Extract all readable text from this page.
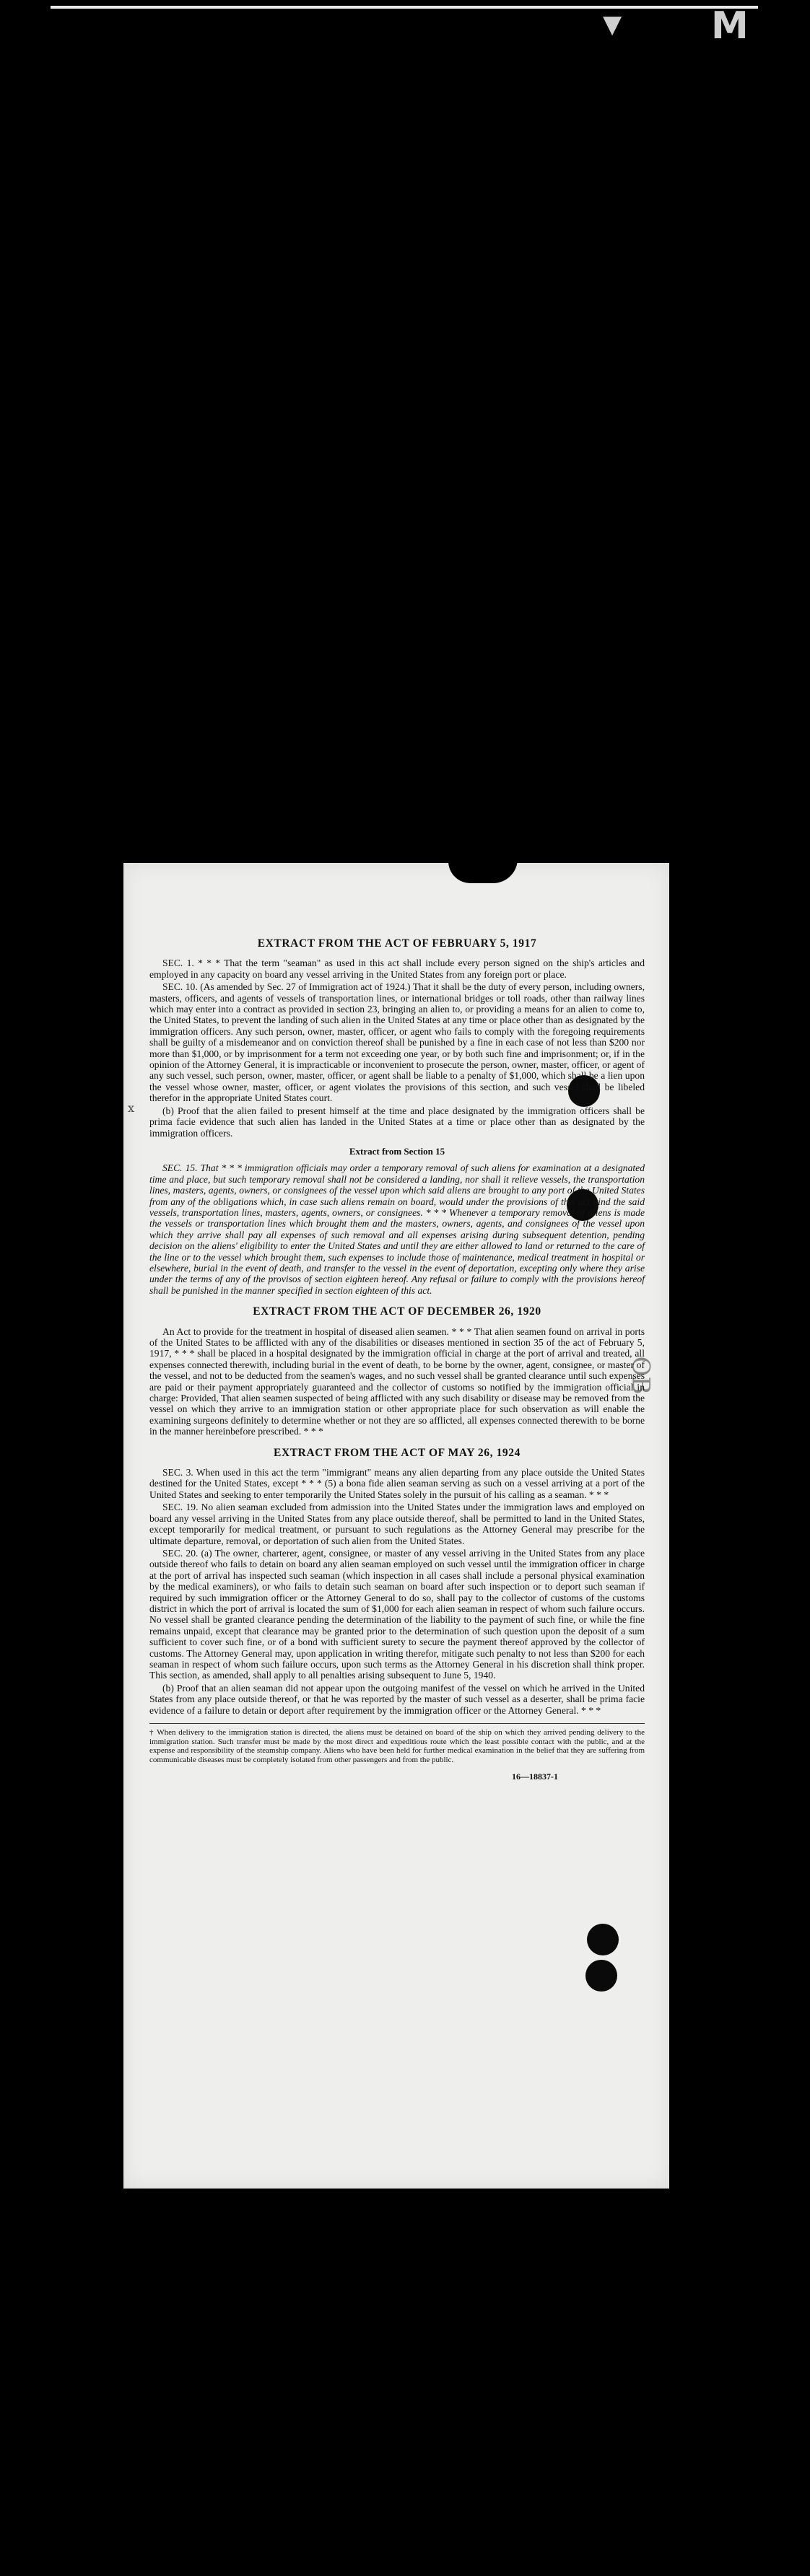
M
▼
x
OB
EXTRACT FROM THE ACT OF FEBRUARY 5, 1917

SEC. 1. * * * That the term "seaman" as used in this act shall include every person signed on the ship's articles and employed in any capacity on board any vessel arriving in the United States from any foreign port or place.

SEC. 10. (As amended by Sec. 27 of Immigration act of 1924.) That it shall be the duty of every person, including owners, masters, officers, and agents of vessels of transportation lines, or international bridges or toll roads, other than railway lines which may enter into a contract as provided in section 23, bringing an alien to, or providing a means for an alien to come to, the United States, to prevent the landing of such alien in the United States at any time or place other than as designated by the immigration officers. Any such person, owner, master, officer, or agent who fails to comply with the foregoing requirements shall be guilty of a misdemeanor and on conviction thereof shall be punished by a fine in each case of not less than $200 nor more than $1,000, or by imprisonment for a term not exceeding one year, or by both such fine and imprisonment; or, if in the opinion of the Attorney General, it is impracticable or inconvenient to prosecute the person, owner, master, officer, or agent of any such vessel, such person, owner, master, officer, or agent shall be liable to a penalty of $1,000, which shall be a lien upon the vessel whose owner, master, officer, or agent violates the provisions of this section, and such vessel shall be libeled therefor in the appropriate United States court.

(b) Proof that the alien failed to present himself at the time and place designated by the immigration officers shall be prima facie evidence that such alien has landed in the United States at a time or place other than as designated by the immigration officers.

Extract from Section 15

SEC. 15. That * * * immigration officials may order a temporary removal of such aliens for examination at a designated time and place, but such temporary removal shall not be considered a landing, nor shall it relieve vessels, the transportation lines, masters, agents, owners, or consignees of the vessel upon which said aliens are brought to any port of the United States from any of the obligations which, in case such aliens remain on board, would under the provisions of this act bind the said vessels, transportation lines, masters, agents, owners, or consignees. * * * Whenever a temporary removal of aliens is made the vessels or transportation lines which brought them and the masters, owners, agents, and consignees of the vessel upon which they arrive shall pay all expenses of such removal and all expenses arising during subsequent detention, pending decision on the aliens' eligibility to enter the United States and until they are either allowed to land or returned to the care of the line or to the vessel which brought them, such expenses to include those of maintenance, medical treatment in hospital or elsewhere, burial in the event of death, and transfer to the vessel in the event of deportation, excepting only where they arise under the terms of any of the provisos of section eighteen hereof. Any refusal or failure to comply with the provisions hereof shall be punished in the manner specified in section eighteen of this act.

EXTRACT FROM THE ACT OF DECEMBER 26, 1920

An Act to provide for the treatment in hospital of diseased alien seamen. * * * That alien seamen found on arrival in ports of the United States to be afflicted with any of the disabilities or diseases mentioned in section 35 of the act of February 5, 1917, * * * shall be placed in a hospital designated by the immigration official in charge at the port of arrival and treated, all expenses connected therewith, including burial in the event of death, to be borne by the owner, agent, consignee, or master of the vessel, and not to be deducted from the seamen's wages, and no such vessel shall be granted clearance until such expenses are paid or their payment appropriately guaranteed and the collector of customs so notified by the immigration official in charge: Provided, That alien seamen suspected of being afflicted with any such disability or disease may be removed from the vessel on which they arrive to an immigration station or other appropriate place for such observation as will enable the examining surgeons definitely to determine whether or not they are so afflicted, all expenses connected therewith to be borne in the manner hereinbefore prescribed. * * *

EXTRACT FROM THE ACT OF MAY 26, 1924

SEC. 3. When used in this act the term "immigrant" means any alien departing from any place outside the United States destined for the United States, except * * * (5) a bona fide alien seaman serving as such on a vessel arriving at a port of the United States and seeking to enter temporarily the United States solely in the pursuit of his calling as a seaman. * * *

SEC. 19. No alien seaman excluded from admission into the United States under the immigration laws and employed on board any vessel arriving in the United States from any place outside thereof, shall be permitted to land in the United States, except temporarily for medical treatment, or pursuant to such regulations as the Attorney General may prescribe for the ultimate departure, removal, or deportation of such alien from the United States.

SEC. 20. (a) The owner, charterer, agent, consignee, or master of any vessel arriving in the United States from any place outside thereof who fails to detain on board any alien seaman employed on such vessel until the immigration officer in charge at the port of arrival has inspected such seaman (which inspection in all cases shall include a personal physical examination by the medical examiners), or who fails to detain such seaman on board after such inspection or to deport such seaman if required by such immigration officer or the Attorney General to do so, shall pay to the collector of customs of the customs district in which the port of arrival is located the sum of $1,000 for each alien seaman in respect of whom such failure occurs. No vessel shall be granted clearance pending the determination of the liability to the payment of such fine, or while the fine remains unpaid, except that clearance may be granted prior to the determination of such question upon the deposit of a sum sufficient to cover such fine, or of a bond with sufficient surety to secure the payment thereof approved by the collector of customs. The Attorney General may, upon application in writing therefor, mitigate such penalty to not less than $200 for each seaman in respect of whom such failure occurs, upon such terms as the Attorney General in his discretion shall think proper. This section, as amended, shall apply to all penalties arising subsequent to June 5, 1940.

(b) Proof that an alien seaman did not appear upon the outgoing manifest of the vessel on which he arrived in the United States from any place outside thereof, or that he was reported by the master of such vessel as a deserter, shall be prima facie evidence of a failure to detain or deport after requirement by the immigration officer or the Attorney General. * * *

† When delivery to the immigration station is directed, the aliens must be detained on board of the ship on which they arrived pending delivery to the immigration station. Such transfer must be made by the most direct and expeditious route which the least possible contact with the public, and at the expense and responsibility of the steamship company. Aliens who have been held for further medical examination in the belief that they are suffering from communicable diseases must be completely isolated from other passengers and from the public.
16—18837-1
